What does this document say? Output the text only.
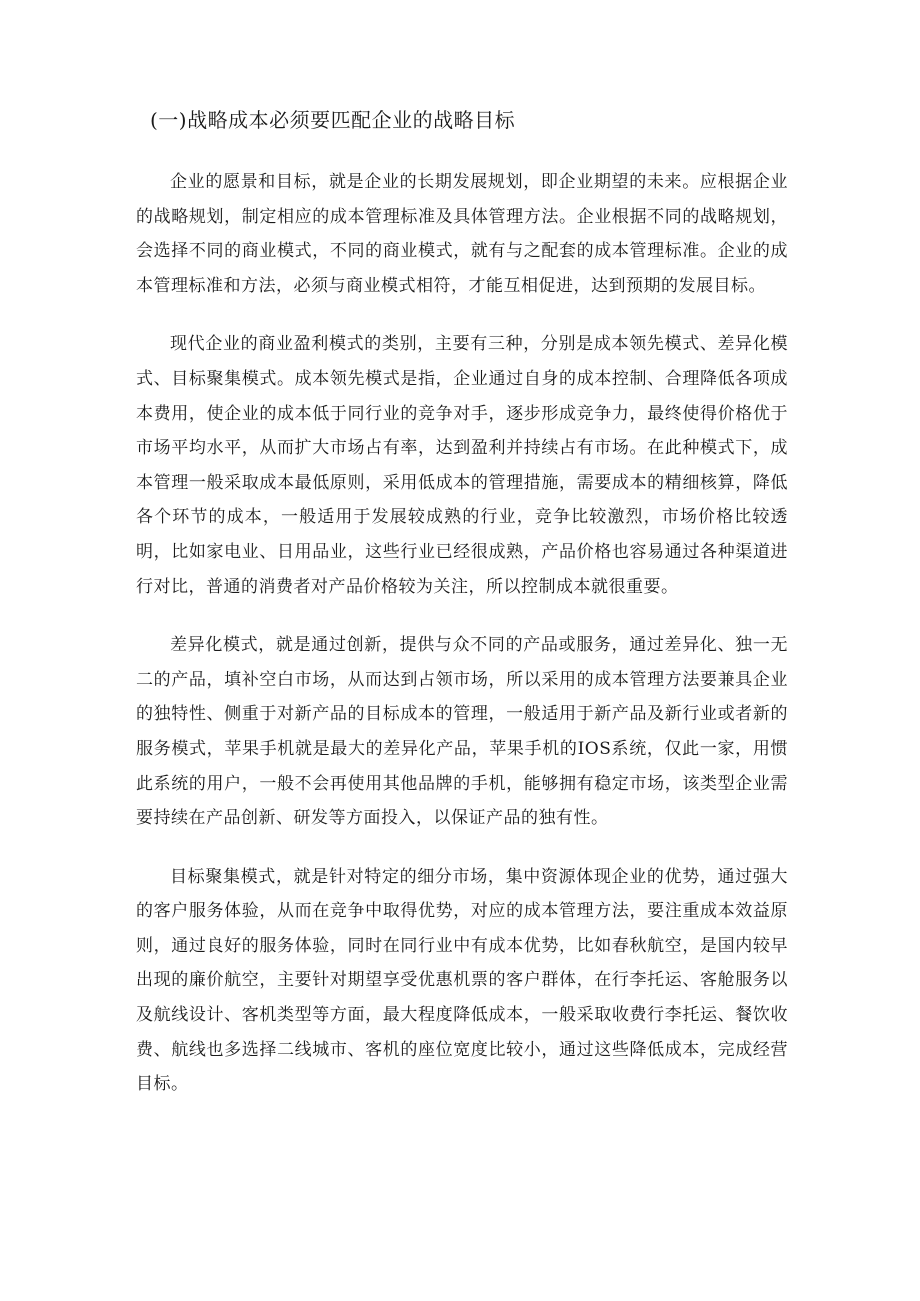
(一)战略成本必须要匹配企业的战略目标

企业的愿景和目标，就是企业的长期发展规划，即企业期望的未来。应根据企业的战略规划，制定相应的成本管理标准及具体管理方法。企业根据不同的战略规划，会选择不同的商业模式，不同的商业模式，就有与之配套的成本管理标准。企业的成本管理标准和方法，必须与商业模式相符，才能互相促进，达到预期的发展目标。

现代企业的商业盈利模式的类别，主要有三种，分别是成本领先模式、差异化模式、目标聚集模式。成本领先模式是指，企业通过自身的成本控制、合理降低各项成本费用，使企业的成本低于同行业的竞争对手，逐步形成竞争力，最终使得价格优于市场平均水平，从而扩大市场占有率，达到盈利并持续占有市场。在此种模式下，成本管理一般采取成本最低原则，采用低成本的管理措施，需要成本的精细核算，降低各个环节的成本，一般适用于发展较成熟的行业，竞争比较激烈，市场价格比较透明，比如家电业、日用品业，这些行业已经很成熟，产品价格也容易通过各种渠道进行对比，普通的消费者对产品价格较为关注，所以控制成本就很重要。

差异化模式，就是通过创新，提供与众不同的产品或服务，通过差异化、独一无二的产品，填补空白市场，从而达到占领市场，所以采用的成本管理方法要兼具企业的独特性、侧重于对新产品的目标成本的管理，一般适用于新产品及新行业或者新的服务模式，苹果手机就是最大的差异化产品，苹果手机的IOS系统，仅此一家，用惯此系统的用户，一般不会再使用其他品牌的手机，能够拥有稳定市场，该类型企业需要持续在产品创新、研发等方面投入，以保证产品的独有性。

目标聚集模式，就是针对特定的细分市场，集中资源体现企业的优势，通过强大的客户服务体验，从而在竞争中取得优势，对应的成本管理方法，要注重成本效益原则，通过良好的服务体验，同时在同行业中有成本优势，比如春秋航空，是国内较早出现的廉价航空，主要针对期望享受优惠机票的客户群体，在行李托运、客舱服务以及航线设计、客机类型等方面，最大程度降低成本，一般采取收费行李托运、餐饮收费、航线也多选择二线城市、客机的座位宽度比较小，通过这些降低成本，完成经营目标。
